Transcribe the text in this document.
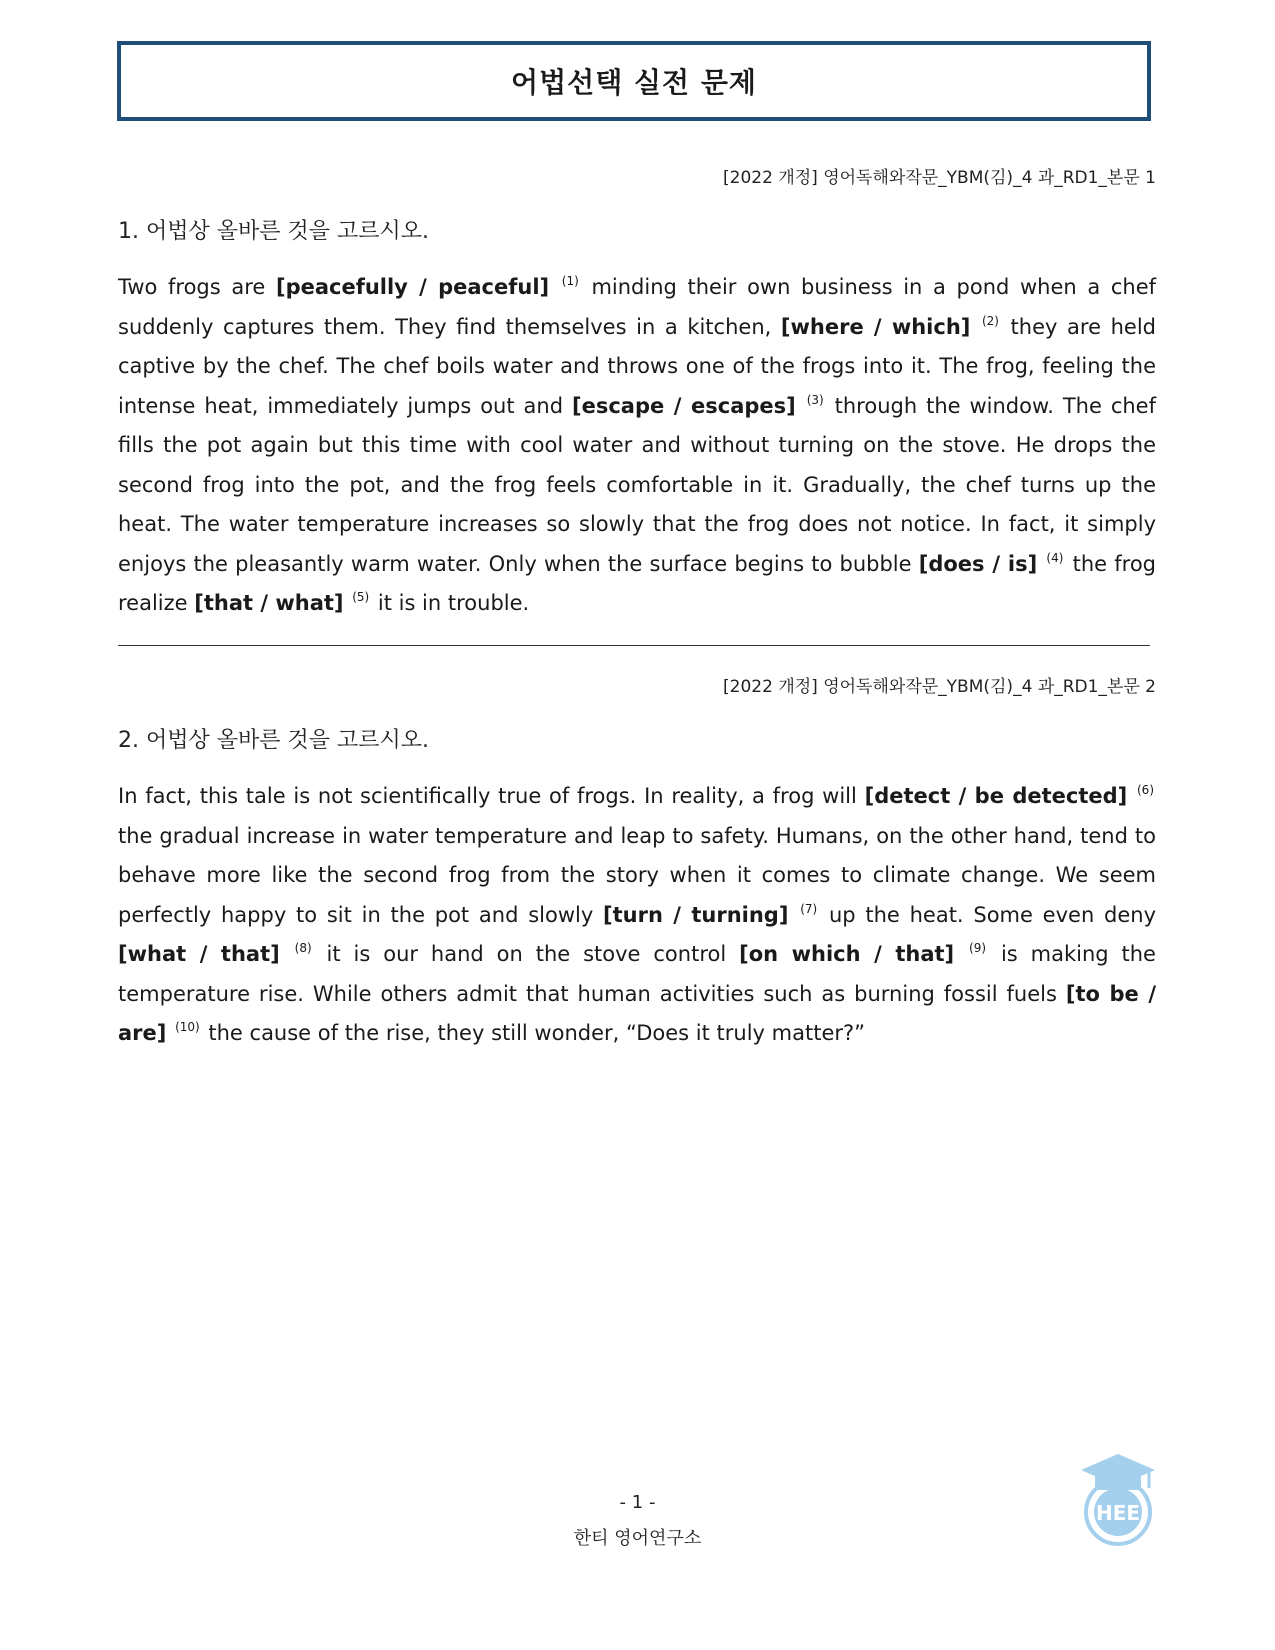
어법선택 실전 문제
[2022 개정] 영어독해와작문_YBM(김)_4 과_RD1_본문 1
1. 어법상 올바른 것을 고르시오.
Two frogs are [peacefully / peaceful] $^{(1)}$ minding their own business in a pond when a chef suddenly captures them. They find themselves in a kitchen, [where / which] $^{(2)}$ they are held captive by the chef. The chef boils water and throws one of the frogs into it. The frog, feeling the intense heat, immediately jumps out and [escape / escapes] $^{(3)}$ through the window. The chef fills the pot again but this time with cool water and without turning on the stove. He drops the second frog into the pot, and the frog feels comfortable in it. Gradually, the chef turns up the heat. The water temperature increases so slowly that the frog does not notice. In fact, it simply enjoys the pleasantly warm water. Only when the surface begins to bubble [does / is] $^{(4)}$ the frog realize [that / what] $^{(5)}$ it is in trouble.
[2022 개정] 영어독해와작문_YBM(김)_4 과_RD1_본문 2
2. 어법상 올바른 것을 고르시오.
In fact, this tale is not scientifically true of frogs. In reality, a frog will [detect / be detected] $^{(6)}$ the gradual increase in water temperature and leap to safety. Humans, on the other hand, tend to behave more like the second frog from the story when it comes to climate change. We seem perfectly happy to sit in the pot and slowly [turn / turning] $^{(7)}$ up the heat. Some even deny [what / that] $^{(8)}$ it is our hand on the stove control [on which / that] $^{(9)}$ is making the temperature rise. While others admit that human activities such as burning fossil fuels [to be / are] $^{(10)}$ the cause of the rise, they still wonder, “Does it truly matter?”
- 1 -
한티 영어연구소
HEE
